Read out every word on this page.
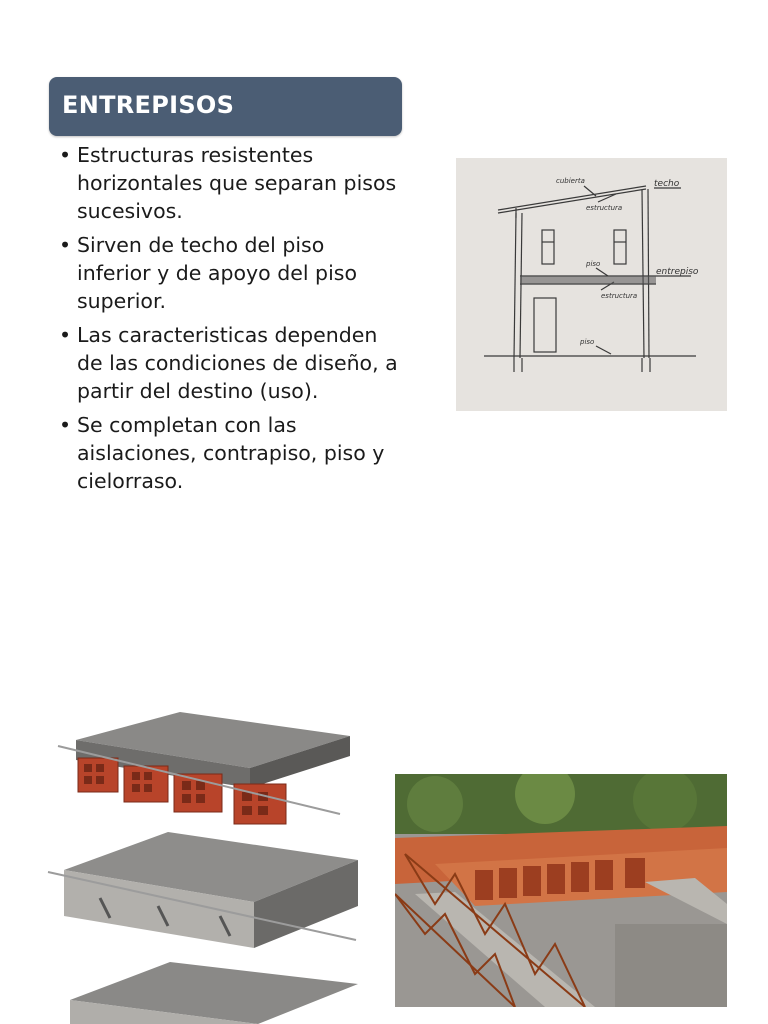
ENTREPISOS
• Estructuras resistentes horizontales que separan pisos sucesivos.
• Sirven de techo del piso inferior y de apoyo del piso superior.
• Las caracteristicas dependen de las condiciones de diseño, a partir del destino (uso).
• Se completan con las aislaciones, contrapiso, piso y cielorraso.
cubierta
estructura
techo
piso
entrepiso
estructura
piso
